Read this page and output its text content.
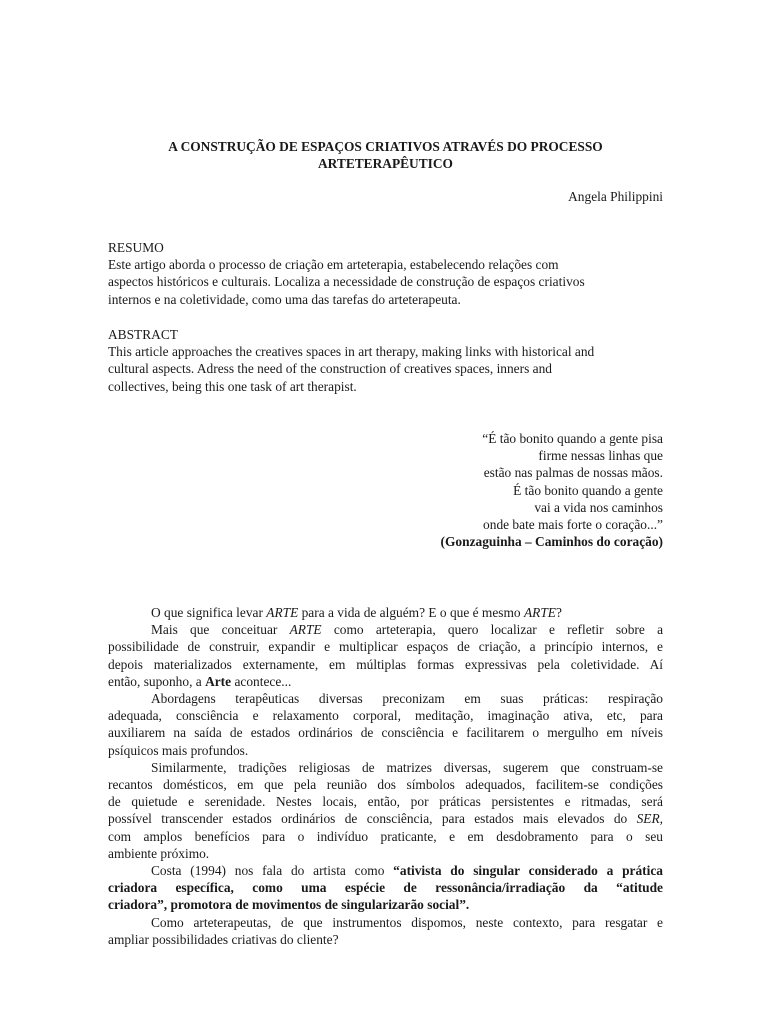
A CONSTRUÇÃO DE ESPAÇOS CRIATIVOS ATRAVÉS DO PROCESSO
ARTETERAPÊUTICO
Angela Philippini
RESUMO
Este artigo aborda o processo de criação em arteterapia, estabelecendo relações com
aspectos históricos e culturais. Localiza a necessidade de construção de espaços criativos
internos e na coletividade, como uma das tarefas do arteterapeuta.
ABSTRACT
This article approaches the creatives spaces in art therapy, making links with historical and
cultural aspects. Adress the need of the construction of creatives spaces, inners and
collectives, being this one task of art therapist.
“É tão bonito quando a gente pisa
firme nessas linhas que
estão nas palmas de nossas mãos.
É tão bonito quando a gente
vai a vida nos caminhos
onde bate mais forte o coração...”
(Gonzaguinha – Caminhos do coração)
O que significa levar ARTE para a vida de alguém? E o que é mesmo ARTE?
Mais que conceituar ARTE como arteterapia, quero localizar e refletir sobre a
possibilidade de construir, expandir e multiplicar espaços de criação, a princípio internos, e
depois materializados externamente, em múltiplas formas expressivas pela coletividade. Aí
então, suponho, a Arte acontece...
Abordagens terapêuticas diversas preconizam em suas práticas: respiração
adequada, consciência e relaxamento corporal, meditação, imaginação ativa, etc, para
auxiliarem na saída de estados ordinários de consciência e facilitarem o mergulho em níveis
psíquicos mais profundos.
Similarmente, tradições religiosas de matrizes diversas, sugerem que construam-se
recantos domésticos, em que pela reunião dos símbolos adequados, facilitem-se condições
de quietude e serenidade. Nestes locais, então, por práticas persistentes e ritmadas, será
possível transcender estados ordinários de consciência, para estados mais elevados do SER,
com amplos benefícios para o indivíduo praticante, e em desdobramento para o seu
ambiente próximo.
Costa (1994) nos fala do artista como “ativista do singular considerado a prática
criadora específica, como uma espécie de ressonância/irradiação da “atitude
criadora”, promotora de movimentos de singularizarão social”.
Como arteterapeutas, de que instrumentos dispomos, neste contexto, para resgatar e
ampliar possibilidades criativas do cliente?
